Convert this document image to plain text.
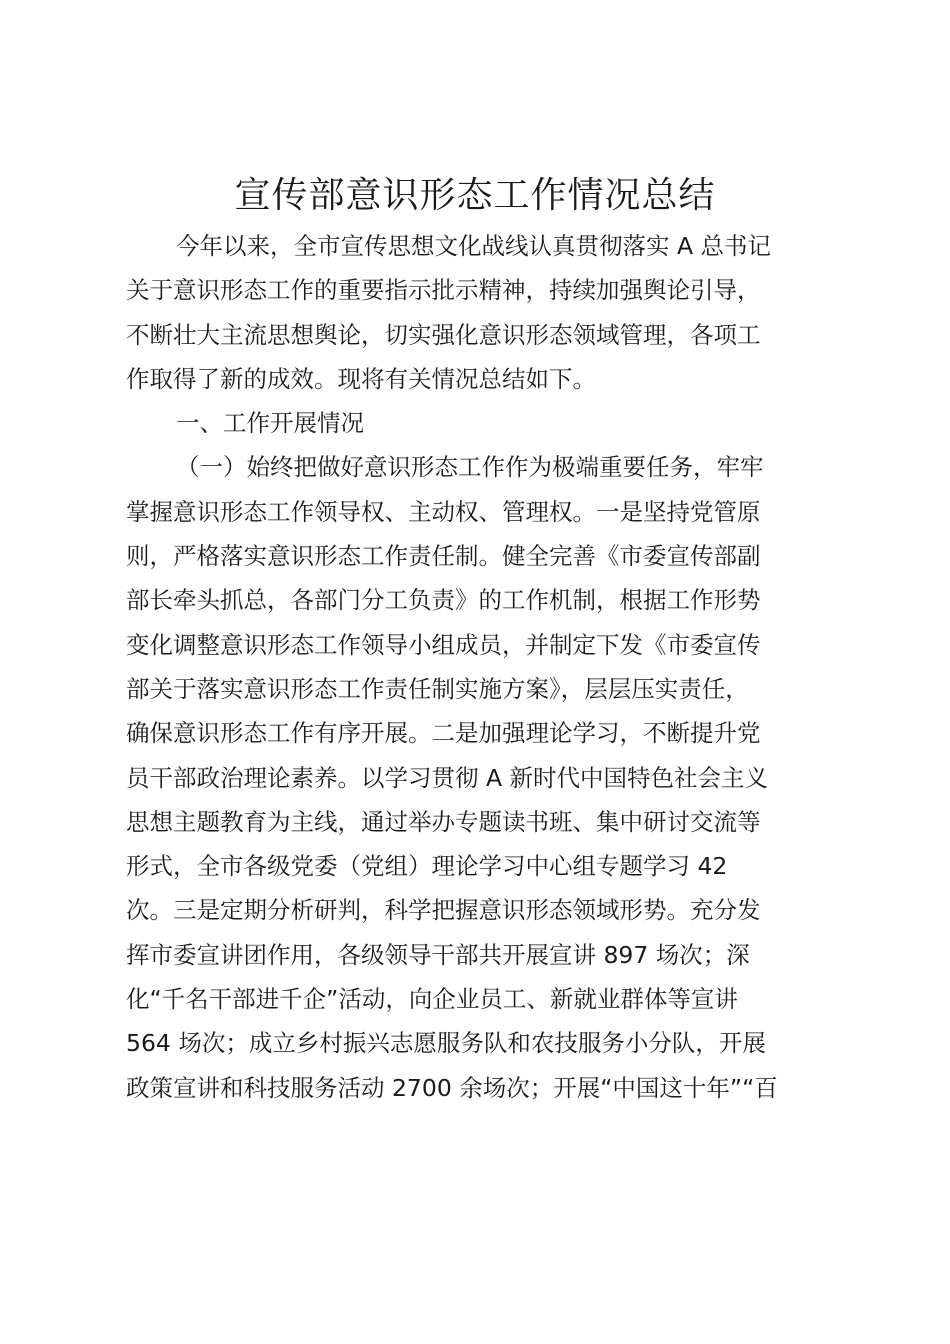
宣传部意识形态工作情况总结
今年以来，全市宣传思想文化战线认真贯彻落实 A 总书记
关于意识形态工作的重要指示批示精神，持续加强舆论引导，
不断壮大主流思想舆论，切实强化意识形态领域管理，各项工
作取得了新的成效。现将有关情况总结如下。
一、工作开展情况
（一）始终把做好意识形态工作作为极端重要任务，牢牢
掌握意识形态工作领导权、主动权、管理权。一是坚持党管原
则，严格落实意识形态工作责任制。健全完善《市委宣传部副
部长牵头抓总，各部门分工负责》的工作机制，根据工作形势
变化调整意识形态工作领导小组成员，并制定下发《市委宣传
部关于落实意识形态工作责任制实施方案》，层层压实责任，
确保意识形态工作有序开展。二是加强理论学习，不断提升党
员干部政治理论素养。以学习贯彻 A 新时代中国特色社会主义
思想主题教育为主线，通过举办专题读书班、集中研讨交流等
形式，全市各级党委（党组）理论学习中心组专题学习 42
次。三是定期分析研判，科学把握意识形态领域形势。充分发
挥市委宣讲团作用，各级领导干部共开展宣讲 897 场次；深
化“千名干部进千企”活动，向企业员工、新就业群体等宣讲
564 场次；成立乡村振兴志愿服务队和农技服务小分队，开展
政策宣讲和科技服务活动 2700 余场次；开展“中国这十年”“百
